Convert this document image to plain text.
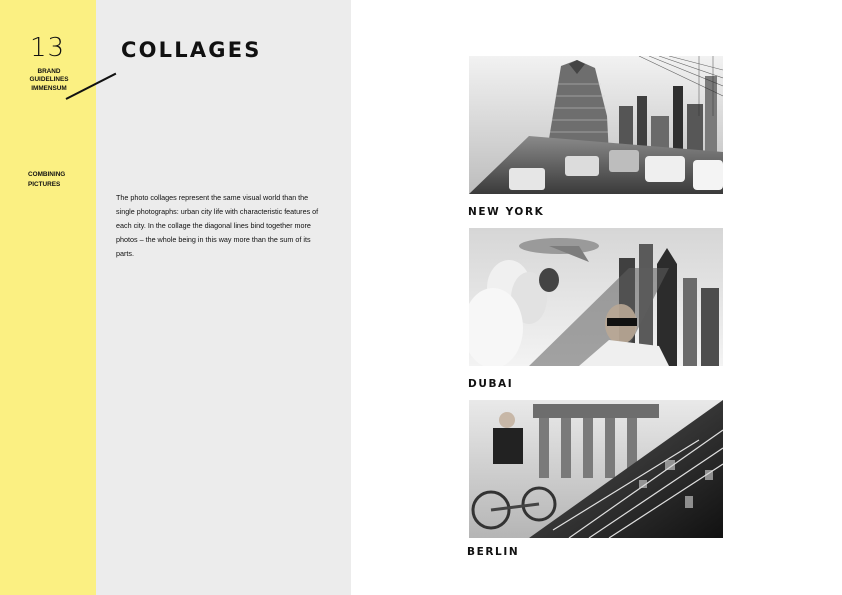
13
BRAND
GUIDELINES
IMMENSUM
COMBINING
PICTURES
COLLAGES

The photo collages represent the same visual world than the single photographs: urban city life with characteristic features of each city. In the collage the diagonal lines bind together more photos – the whole being in this way more than the sum of its parts.

NEW YORK
DUBAI
BERLIN
